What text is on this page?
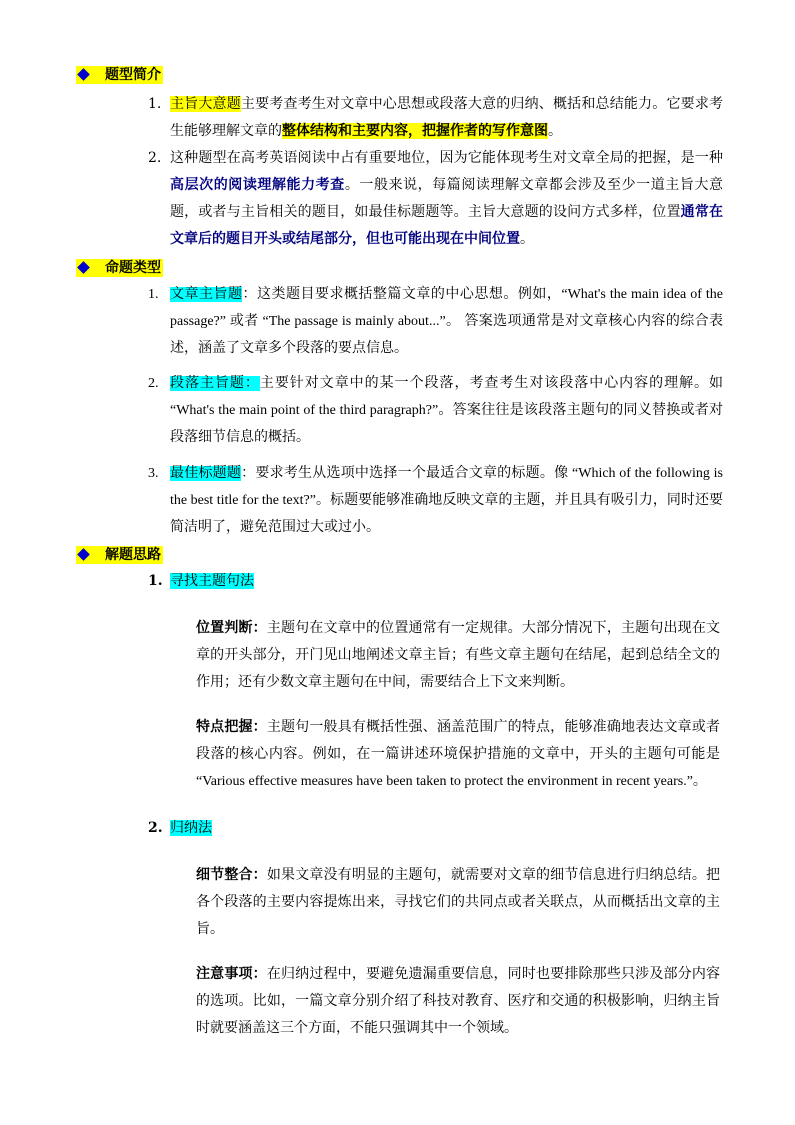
题型简介
1. 主旨大意题主要考查考生对文章中心思想或段落大意的归纳、概括和总结能力。它要求考生能够理解文章的整体结构和主要内容，把握作者的写作意图。
2. 这种题型在高考英语阅读中占有重要地位，因为它能体现考生对文章全局的把握，是一种高层次的阅读理解能力考查。一般来说，每篇阅读理解文章都会涉及至少一道主旨大意题，或者与主旨相关的题目，如最佳标题题等。主旨大意题的设问方式多样，位置通常在文章后的题目开头或结尾部分，但也可能出现在中间位置。
命题类型
1. 文章主旨题：这类题目要求概括整篇文章的中心思想。例如，“What's the main idea of the passage?” 或者 “The passage is mainly about...”。 答案选项通常是对文章核心内容的综合表述，涵盖了文章多个段落的要点信息。
2. 段落主旨题：主要针对文章中的某一个段落，考查考生对该段落中心内容的理解。如 “What's the main point of the third paragraph?”。答案往往是该段落主题句的同义替换或者对段落细节信息的概括。
3. 最佳标题题：要求考生从选项中选择一个最适合文章的标题。像 “Which of the following is the best title for the text?”。标题要能够准确地反映文章的主题，并且具有吸引力，同时还要简洁明了，避免范围过大或过小。
解题思路
1. 寻找主题句法
位置判断：主题句在文章中的位置通常有一定规律。大部分情况下，主题句出现在文章的开头部分，开门见山地阐述文章主旨；有些文章主题句在结尾，起到总结全文的作用；还有少数文章主题句在中间，需要结合上下文来判断。
特点把握：主题句一般具有概括性强、涵盖范围广的特点，能够准确地表达文章或者段落的核心内容。例如，在一篇讲述环境保护措施的文章中，开头的主题句可能是 “Various effective measures have been taken to protect the environment in recent years.”。
2. 归纳法
细节整合：如果文章没有明显的主题句，就需要对文章的细节信息进行归纳总结。把各个段落的主要内容提炼出来，寻找它们的共同点或者关联点，从而概括出文章的主旨。
注意事项：在归纳过程中，要避免遗漏重要信息，同时也要排除那些只涉及部分内容的选项。比如，一篇文章分别介绍了科技对教育、医疗和交通的积极影响，归纳主旨时就要涵盖这三个方面，不能只强调其中一个领域。
